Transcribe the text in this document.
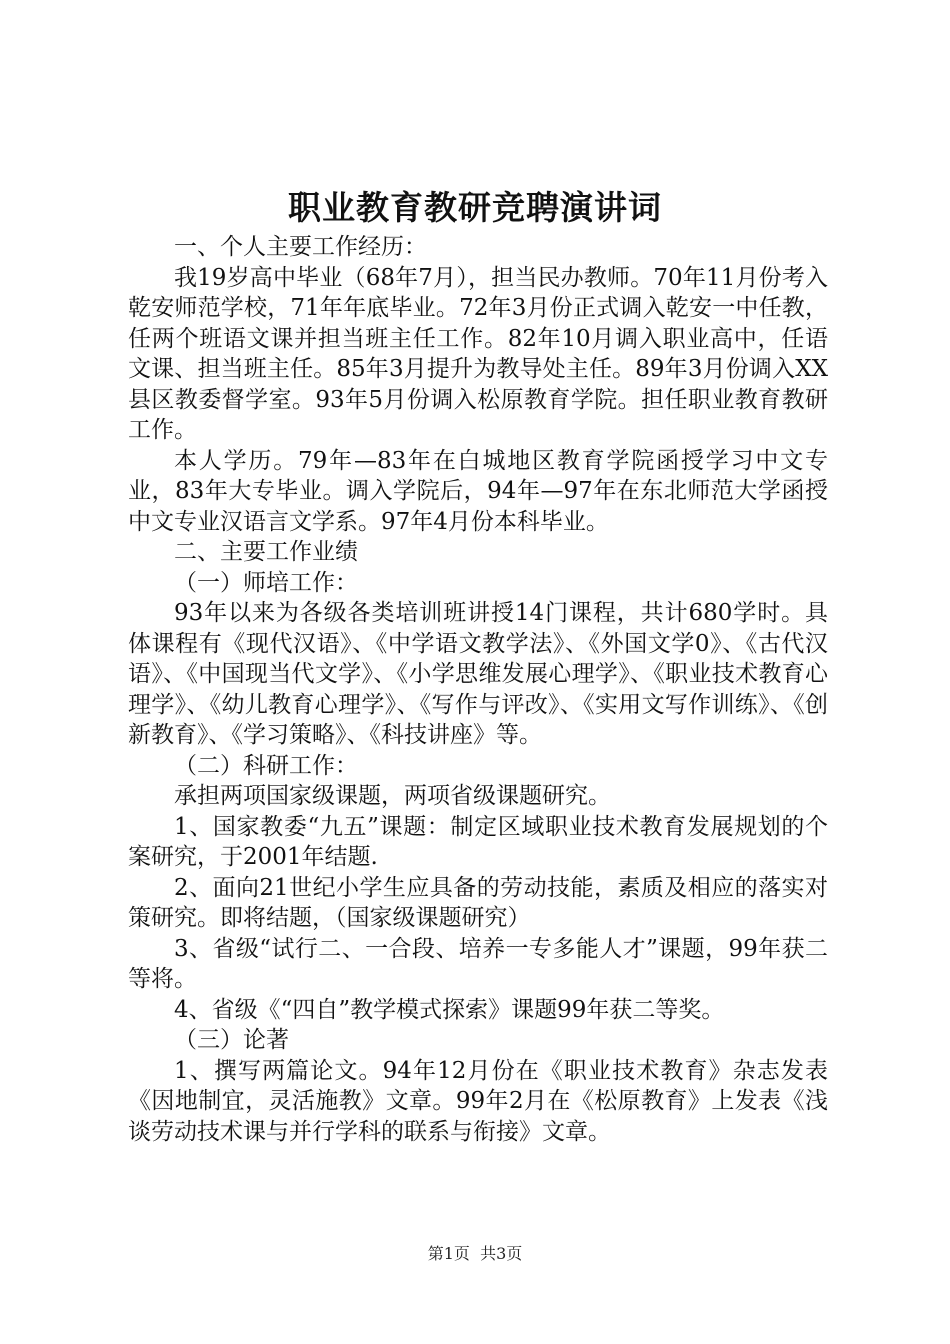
职业教育教研竞聘演讲词

一、个人主要工作经历：

我19岁高中毕业（68年7月），担当民办教师。70年11月份考入乾安师范学校，71年年底毕业。72年3月份正式调入乾安一中任教，任两个班语文课并担当班主任工作。82年10月调入职业高中，任语文课、担当班主任。85年3月提升为教导处主任。89年3月份调入XX县区教委督学室。93年5月份调入松原教育学院。担任职业教育教研工作。

本人学历。79年—83年在白城地区教育学院函授学习中文专业，83年大专毕业。调入学院后，94年—97年在东北师范大学函授中文专业汉语言文学系。97年4月份本科毕业。

二、主要工作业绩

（一）师培工作：

93年以来为各级各类培训班讲授14门课程，共计680学时。具体课程有《现代汉语》、《中学语文教学法》、《外国文学0》、《古代汉语》、《中国现当代文学》、《小学思维发展心理学》、《职业技术教育心理学》、《幼儿教育心理学》、《写作与评改》、《实用文写作训练》、《创新教育》、《学习策略》、《科技讲座》等。

（二）科研工作：

承担两项国家级课题，两项省级课题研究。

1、国家教委“九五”课题：制定区域职业技术教育发展规划的个案研究，于2001年结题.

2、面向21世纪小学生应具备的劳动技能，素质及相应的落实对策研究。即将结题，（国家级课题研究）

3、省级“试行二、一合段、培养一专多能人才”课题，99年获二等将。

4、省级《“四自”教学模式探索》课题99年获二等奖。

（三）论著

1、撰写两篇论文。94年12月份在《职业技术教育》杂志发表《因地制宜，灵活施教》文章。99年2月在《松原教育》上发表《浅谈劳动技术课与并行学科的联系与衔接》文章。

第1页 共3页
